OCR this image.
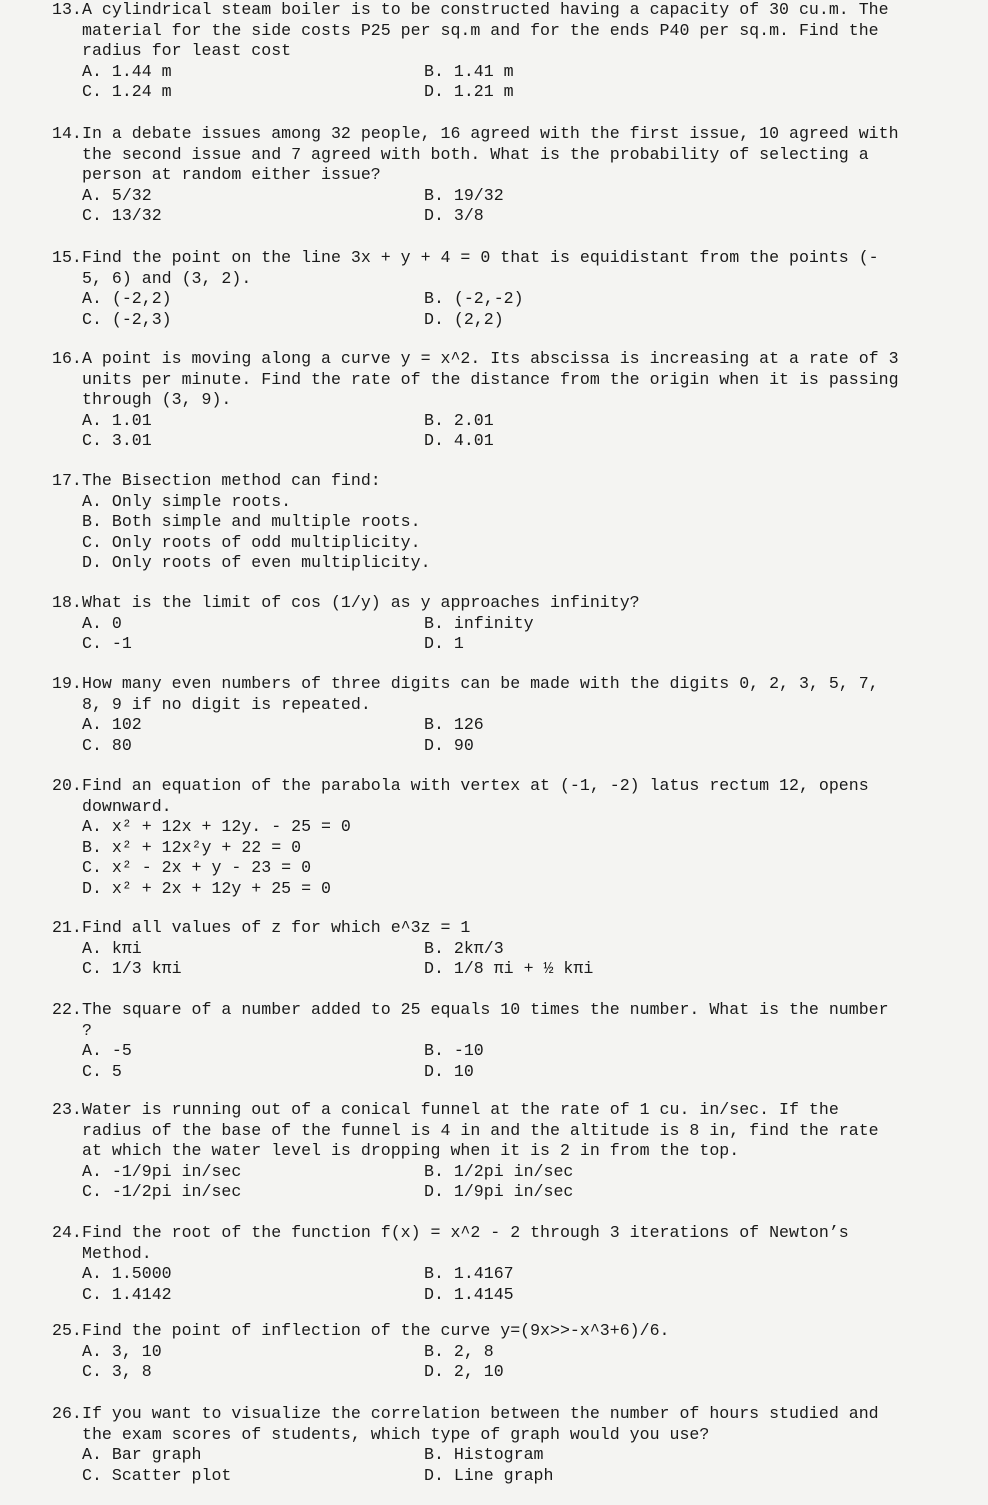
13. A cylindrical steam boiler is to be constructed having a capacity of 30 cu.m. The
material for the side costs P25 per sq.m and for the ends P40 per sq.m. Find the
radius for least cost
A. 1.44 m	B. 1.41 m
C. 1.24 m	D. 1.21 m
14. In a debate issues among 32 people, 16 agreed with the first issue, 10 agreed with
the second issue and 7 agreed with both. What is the probability of selecting a
person at random either issue?
A. 5/32	B. 19/32
C. 13/32	D. 3/8
15. Find the point on the line 3x + y + 4 = 0 that is equidistant from the points (-
5, 6) and (3, 2).
A. (-2,2)	B. (-2,-2)
C. (-2,3)	D. (2,2)
16. A point is moving along a curve y = x^2. Its abscissa is increasing at a rate of 3
units per minute. Find the rate of the distance from the origin when it is passing
through (3, 9).
A. 1.01	B. 2.01
C. 3.01	D. 4.01
17. The Bisection method can find:
A. Only simple roots.
B. Both simple and multiple roots.
C. Only roots of odd multiplicity.
D. Only roots of even multiplicity.
18. What is the limit of cos (1/y) as y approaches infinity?
A. 0	B. infinity
C. -1	D. 1
19. How many even numbers of three digits can be made with the digits 0, 2, 3, 5, 7,
8, 9 if no digit is repeated.
A. 102	B. 126
C. 80	D. 90
20. Find an equation of the parabola with vertex at (-1, -2) latus rectum 12, opens
downward.
A. x² + 12x + 12y. - 25 = 0
B. x² + 12x²y + 22 = 0
C. x² - 2x + y - 23 = 0
D. x² + 2x + 12y + 25 = 0
21. Find all values of z for which e^3z = 1
A. kπi	B. 2kπ/3
C. 1/3 kπi	D. 1/8 πi + ½ kπi
22. The square of a number added to 25 equals 10 times the number. What is the number
?
A. -5	B. -10
C. 5	D. 10
23. Water is running out of a conical funnel at the rate of 1 cu. in/sec. If the
radius of the base of the funnel is 4 in and the altitude is 8 in, find the rate
at which the water level is dropping when it is 2 in from the top.
A. -1/9pi in/sec	B. 1/2pi in/sec
C. -1/2pi in/sec	D. 1/9pi in/sec
24. Find the root of the function f(x) = x^2 - 2 through 3 iterations of Newton’s
Method.
A. 1.5000	B. 1.4167
C. 1.4142	D. 1.4145
25. Find the point of inflection of the curve y=(9x>>-x^3+6)/6.
A. 3, 10	B. 2, 8
C. 3, 8	D. 2, 10
26. If you want to visualize the correlation between the number of hours studied and
the exam scores of students, which type of graph would you use?
A. Bar graph	B. Histogram
C. Scatter plot	D. Line graph
